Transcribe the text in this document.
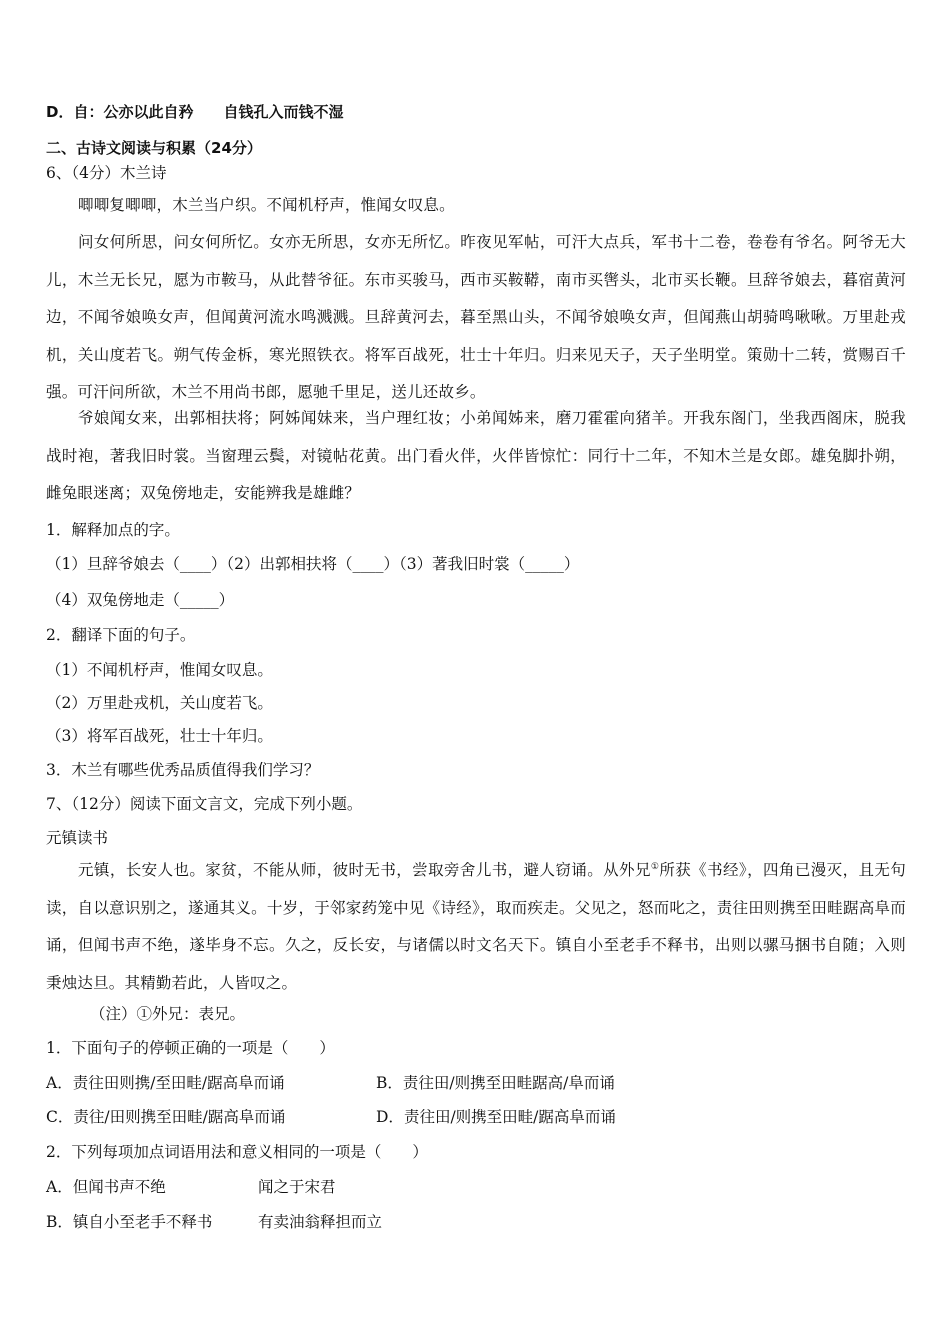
D．自：公亦以此自矜　　自钱孔入而钱不湿
二、古诗文阅读与积累（24分）
6、（4分）木兰诗
唧唧复唧唧，木兰当户织。不闻机杼声，惟闻女叹息。
问女何所思，问女何所忆。女亦无所思，女亦无所忆。昨夜见军帖，可汗大点兵，军书十二卷，卷卷有爷名。阿爷无大儿，木兰无长兄，愿为市鞍马，从此替爷征。东市买骏马，西市买鞍鞯，南市买辔头，北市买长鞭。旦辞爷娘去，暮宿黄河边，不闻爷娘唤女声，但闻黄河流水鸣溅溅。旦辞黄河去，暮至黑山头，不闻爷娘唤女声，但闻燕山胡骑鸣啾啾。万里赴戎机，关山度若飞。朔气传金柝，寒光照铁衣。将军百战死，壮士十年归。归来见天子，天子坐明堂。策勋十二转，赏赐百千强。可汗问所欲，木兰不用尚书郎，愿驰千里足，送儿还故乡。
爷娘闻女来，出郭相扶将；阿姊闻妹来，当户理红妆；小弟闻姊来，磨刀霍霍向猪羊。开我东阁门，坐我西阁床，脱我战时袍，著我旧时裳。当窗理云鬓，对镜帖花黄。出门看火伴，火伴皆惊忙：同行十二年，不知木兰是女郎。雄兔脚扑朔，雌兔眼迷离；双兔傍地走，安能辨我是雄雌？
1．解释加点的字。
（1）旦辞爷娘去（____）（2）出郭相扶将（____）（3）著我旧时裳（_____）
（4）双兔傍地走（_____）
2．翻译下面的句子。
（1）不闻机杼声，惟闻女叹息。
（2）万里赴戎机，关山度若飞。
（3）将军百战死，壮士十年归。
3．木兰有哪些优秀品质值得我们学习？
7、（12分）阅读下面文言文，完成下列小题。
元镇读书
元镇，长安人也。家贫，不能从师，彼时无书，尝取旁舍儿书，避人窃诵。从外兄①所获《书经》，四角已漫灭，且无句读，自以意识别之，遂通其义。十岁，于邻家药笼中见《诗经》，取而疾走。父见之，怒而叱之，责往田则携至田畦踞高阜而诵，但闻书声不绝，遂毕身不忘。久之，反长安，与诸儒以时文名天下。镇自小至老手不释书，出则以骡马捆书自随；入则秉烛达旦。其精勤若此，人皆叹之。
（注）①外兄：表兄。
1．下面句子的停顿正确的一项是（　　）
A．责往田则携/至田畦/踞高阜而诵	B．责往田/则携至田畦踞高/阜而诵
C．责往/田则携至田畦/踞高阜而诵	D．责往田/则携至田畦/踞高阜而诵
2．下列每项加点词语用法和意义相同的一项是（　　）
A．但闻书声不绝	闻之于宋君
B．镇自小至老手不释书	有卖油翁释担而立
